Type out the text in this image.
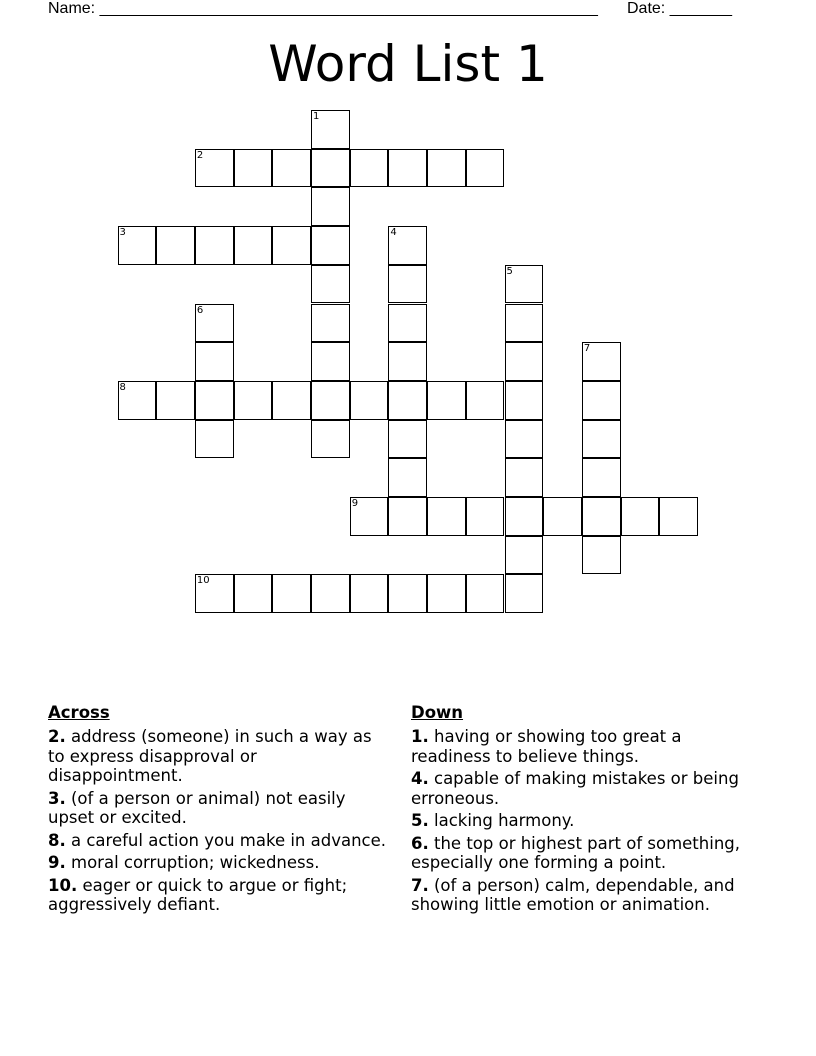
Name: ________________________________________________________ Date: _______
Word List 1
1
2
3	4
5
6
7
8
9
10
Across
2. address (someone) in such a way as to express disapproval or disappointment.
3. (of a person or animal) not easily upset or excited.
8. a careful action you make in advance.
9. moral corruption; wickedness.
10. eager or quick to argue or fight; aggressively defiant.
Down
1. having or showing too great a readiness to believe things.
4. capable of making mistakes or being erroneous.
5. lacking harmony.
6. the top or highest part of something, especially one forming a point.
7. (of a person) calm, dependable, and showing little emotion or animation.
